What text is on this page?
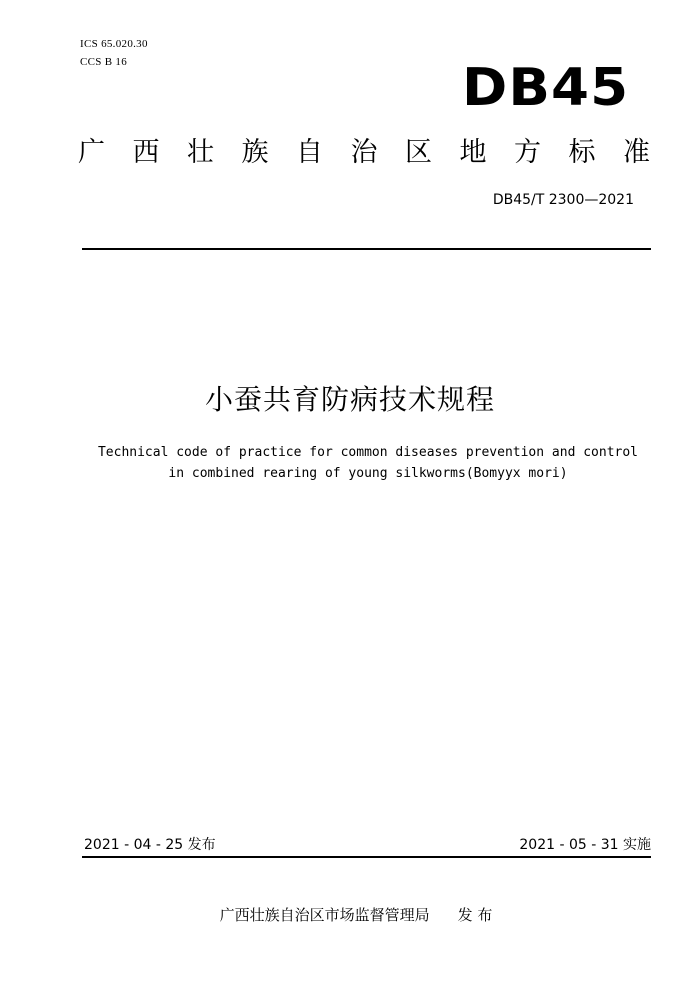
ICS 65.020.30
CCS B 16	DB45
广 西 壮 族 自 治 区 地 方 标 准
DB45/T 2300—2021
小蚕共育防病技术规程
Technical code of practice for common diseases prevention and control
in combined rearing of young silkworms(Bomyyx mori)
2021 - 04 - 25 发布	2021 - 05 - 31 实施
广西壮族自治区市场监督管理局 发 布
